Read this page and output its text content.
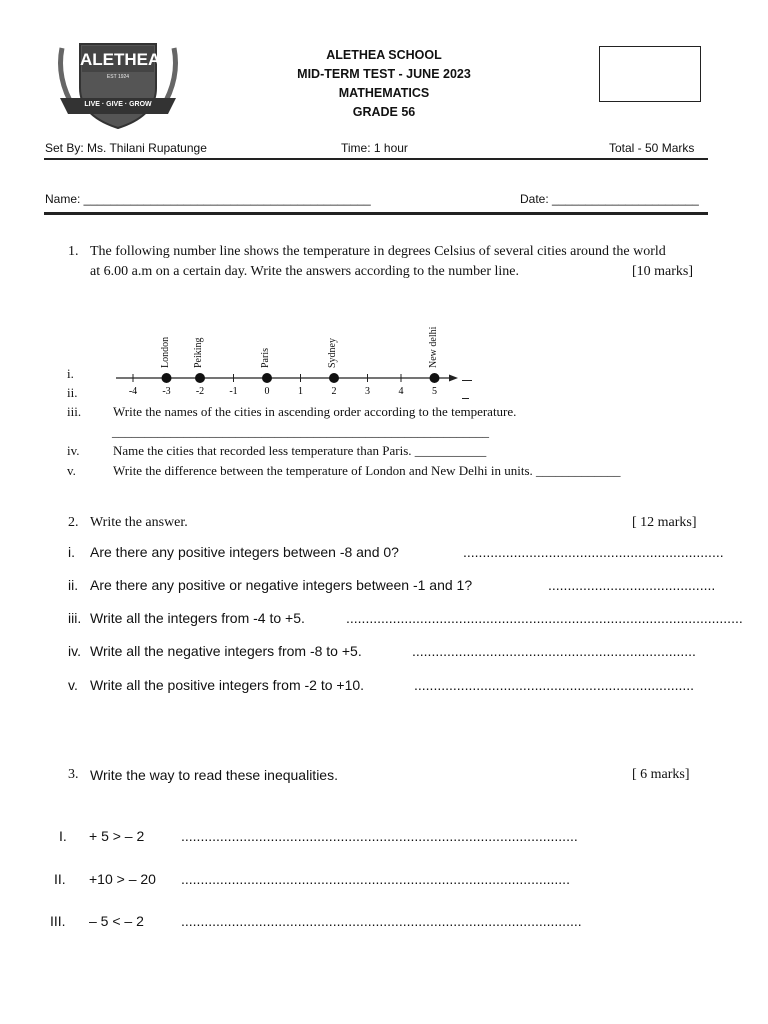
ALETHEA
EST 1924
LIVE · GIVE · GROW
ALETHEA SCHOOL
MID-TERM TEST - JUNE 2023
MATHEMATICS
GRADE 56
Set By: Ms. Thilani Rupatunge	Time: 1 hour	Total - 50 Marks
Name: ___________________________________________	Date: ______________________
1. The following number line shows the temperature in degrees Celsius of several cities around the world
at 6.00 a.m on a certain day. Write the answers according to the number line.	[10 marks]
-4	-3	-2	-1	0	1	2	3	4	5
London Peiking	Paris	Sydney	New delhi
i.
ii.
iii. Write the names of the cities in ascending order according to the temperature.
__________________________________________________________
iv.	Name the cities that recorded less temperature than Paris. ___________
v.	Write the difference between the temperature of London and New Delhi in units. _____________
2. Write the answer.	[ 12 marks]
i. Are there any positive integers between -8 and 0?	...................................................................
ii. Are there any positive or negative integers between -1 and 1?	...........................................
iii. Write all the integers from -4 to +5.	......................................................................................................
iv. Write all the negative integers from -8 to +5.	.........................................................................
v. Write all the positive integers from -2 to +10.	........................................................................
3. Write the way to read these inequalities.	[ 6 marks]
I. + 5 > – 2	......................................................................................................
II. +10 > – 20 ....................................................................................................
III. – 5 < – 2	.......................................................................................................
